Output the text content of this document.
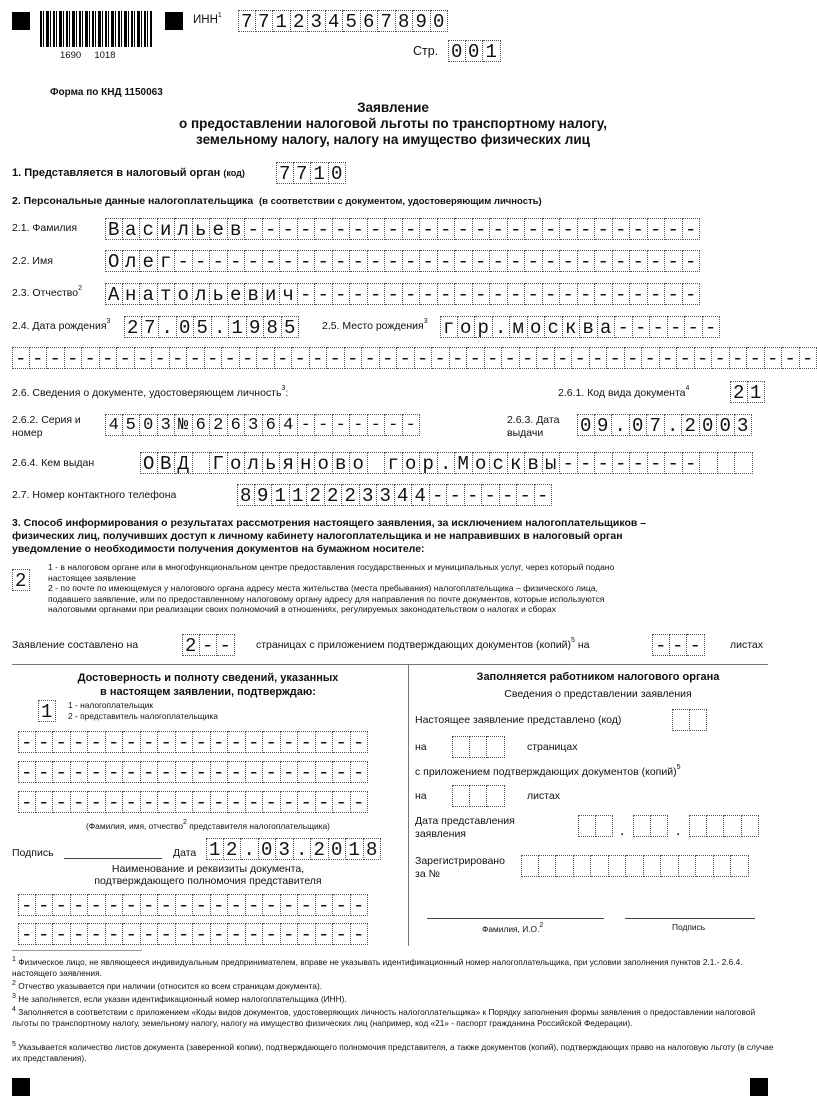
1690     1018
ИНН$^1$ 7 7 1 2 3 4 5 6 7 8 9 0
Стр. 0 0 1
Форма по КНД 1150063
Заявление
о предоставлении налоговой льготы по транспортному налогу,
земельному налогу, налогу на имущество физических лиц
1. Представляется в налоговый орган (код) 7 7 1 0
2. Персональные данные налогоплательщика (в соответствии с документом, удостоверяющим личность)
2.1. Фамилия В а с и л ь е в - - - - - - - - - - - - - - - - - - - - - - - - - -
2.2. Имя	О л е г - - - - - - - - - - - - - - - - - - - - - - - - - - - - - -
2.3. Отчество$^2$ А н а т о л ь е в и ч - - - - - - - - - - - - - - - - - - - - - - -
2.4. Дата рождения$^3$ 2 7 . 0 5 . 1 9 8 5	2.5. Место рождения$^3$ г о р . м о с к в а - - - - - -
- - - - - - - - - - - - - - - - - - - - - - - - - - - - - - - - - - - - - - - - - - - - - -
2.6. Сведения о документе, удостоверяющем личность$^3$:	2.6.1. Код вида документа$^4$ 2 1
2.6.2. Серия и
номер	4 5 0 3 № 6 2 6 3 6 4 - - - - - - -	2.6.3. Дата
выдачи	0 9 . 0 7 . 2 0 0 3
2.6.4. Кем выдан	О В Д Г о л ь я н о в о г о р . М о с к в ы - - - - - - - -
2.7. Номер контактного телефона	8 9 1 1 2 2 2 3 3 4 4 - - - - - - -
3. Способ информирования о результатах рассмотрения настоящего заявления, за исключением налогоплательщиков –
физических лиц, получивших доступ к личному кабинету налогоплательщика и не направивших в налоговый орган
уведомление о необходимости получения документов на бумажном носителе:
2
1 - в налоговом органе или в многофункциональном центре предоставления государственных и муниципальных услуг, через который подано
настоящее заявление
2 - по почте по имеющемуся у налогового органа адресу места жительства (места пребывания) налогоплательщика – физического лица,
подавшего заявление, или по предоставленному налоговому органу адресу для направления по почте документов, которые используются
налоговыми органами при реализации своих полномочий в отношениях, регулируемых законодательством о налогах и сборах
Заявление составлено на 2 - -	страницах с приложением подтверждающих документов (копий)$^5$ на	- - -	листах
Достоверность и полноту сведений, указанных
в настоящем заявлении, подтверждаю:
1	1 - налогоплательщик
2 - представитель налогоплательщика
- - - - - - - - - - - - - - - - - - - -
- - - - - - - - - - - - - - - - - - - -
- - - - - - - - - - - - - - - - - - - -
(Фамилия, имя, отчество$^2$ представителя налогоплательщика)
Подпись	Дата 1 2 . 0 3 . 2 0 1 8
Наименование и реквизиты документа,
подтверждающего полномочия представителя
- - - - - - - - - - - - - - - - - - - -
- - - - - - - - - - - - - - - - - - - -
Заполняется работником налогового органа
Сведения о представлении заявления
Настоящее заявление представлено (код)
на	страницах
с приложением подтверждающих документов (копий)$^5$
на	листах
Дата представления
заявления	.	.
Зарегистрировано
за №
Фамилия, И.О.$^2$	Подпись
$^1$ Физическое лицо, не являющееся индивидуальным предпринимателем, вправе не указывать идентификационный номер налогоплательщика, при условии заполнения пунктов 2.1.- 2.6.4. настоящего заявления.
$^2$ Отчество указывается при наличии (относится ко всем страницам документа).
$^3$ Не заполняется, если указан идентификационный номер налогоплательщика (ИНН).
$^4$ Заполняется в соответствии с приложением «Коды видов документов, удостоверяющих личность налогоплательщика» к Порядку заполнения формы заявления о предоставлении налоговой льготы по транспортному налогу, земельному налогу, налогу на имущество физических лиц (например, код «21» - паспорт гражданина Российской Федерации).
$^5$ Указывается количество листов документа (заверенной копии), подтверждающего полномочия представителя, а также документов (копий), подтверждающих право на налоговую льготу (в случае их представления).
